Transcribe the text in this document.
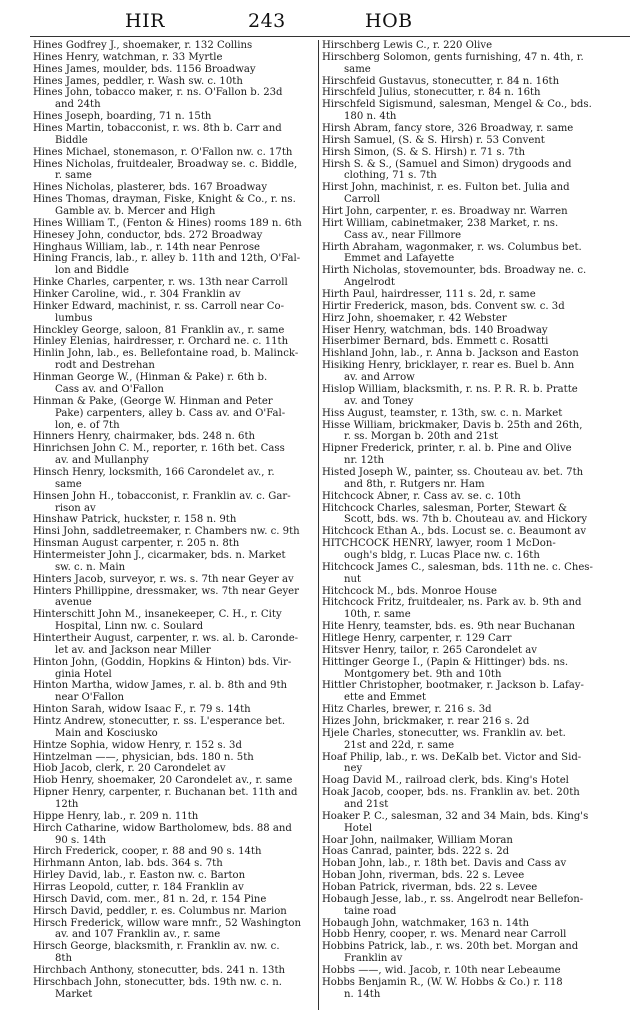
HIR	243	HOB
Hines Godfrey J., shoemaker, r. 132 Collins
Hines Henry, watchman, r. 33 Myrtle
Hines James, moulder, bds. 1156 Broadway
Hines James, peddler, r. Wash sw. c. 10th
Hines John, tobacco maker, r. ns. O'Fallon b. 23d
and 24th
Hines Joseph, boarding, 71 n. 15th
Hines Martin, tobacconist, r. ws. 8th b. Carr and
Biddle
Hines Michael, stonemason, r. O'Fallon nw. c. 17th
Hines Nicholas, fruitdealer, Broadway se. c. Biddle,
r. same
Hines Nicholas, plasterer, bds. 167 Broadway
Hines Thomas, drayman, Fiske, Knight & Co., r. ns.
Gamble av. b. Mercer and High
Hines William T., (Fenton & Hines) rooms 189 n. 6th
Hinesey John, conductor, bds. 272 Broadway
Hinghaus William, lab., r. 14th near Penrose
Hining Francis, lab., r. alley b. 11th and 12th, O'Fal-
lon and Biddle
Hinke Charles, carpenter, r. ws. 13th near Carroll
Hinker Caroline, wid., r. 304 Franklin av
Hinker Edward, machinist, r. ss. Carroll near Co-
lumbus
Hinckley George, saloon, 81 Franklin av., r. same
Hinley Elenias, hairdresser, r. Orchard ne. c. 11th
Hinlin John, lab., es. Bellefontaine road, b. Malinck-
rodt and Destrehan
Hinman George W., (Hinman & Pake) r. 6th b.
Cass av. and O'Fallon
Hinman & Pake, (George W. Hinman and Peter
Pake) carpenters, alley b. Cass av. and O'Fal-
lon, e. of 7th
Hinners Henry, chairmaker, bds. 248 n. 6th
Hinrichsen John C. M., reporter, r. 16th bet. Cass
av. and Mullanphy
Hinsch Henry, locksmith, 166 Carondelet av., r.
same
Hinsen John H., tobacconist, r. Franklin av. c. Gar-
rison av
Hinshaw Patrick, huckster, r. 158 n. 9th
Hinsi John, saddletreemaker, r. Chambers nw. c. 9th
Hinsman August carpenter, r. 205 n. 8th
Hintermeister John J., cicarmaker, bds. n. Market
sw. c. n. Main
Hinters Jacob, surveyor, r. ws. s. 7th near Geyer av
Hinters Phillippine, dressmaker, ws. 7th near Geyer
avenue
Hinterschitt John M., insanekeeper, C. H., r. City
Hospital, Linn nw. c. Soulard
Hintertheir August, carpenter, r. ws. al. b. Caronde-
let av. and Jackson near Miller
Hinton John, (Goddin, Hopkins & Hinton) bds. Vir-
ginia Hotel
Hinton Martha, widow James, r. al. b. 8th and 9th
near O'Fallon
Hinton Sarah, widow Isaac F., r. 79 s. 14th
Hintz Andrew, stonecutter, r. ss. L'esperance bet.
Main and Kosciusko
Hintze Sophia, widow Henry, r. 152 s. 3d
Hintzelman ——, physician, bds. 180 n. 5th
Hiob Jacob, clerk, r. 20 Carondelet av
Hiob Henry, shoemaker, 20 Carondelet av., r. same
Hipner Henry, carpenter, r. Buchanan bet. 11th and
12th
Hippe Henry, lab., r. 209 n. 11th
Hirch Catharine, widow Bartholomew, bds. 88 and
90 s. 14th
Hirch Frederick, cooper, r. 88 and 90 s. 14th
Hirhmann Anton, lab. bds. 364 s. 7th
Hirley David, lab., r. Easton nw. c. Barton
Hirras Leopold, cutter, r. 184 Franklin av
Hirsch David, com. mer., 81 n. 2d, r. 154 Pine
Hirsch David, peddler, r. es. Columbus nr. Marion
Hirsch Frederick, willow ware mnfr., 52 Washington
av. and 107 Franklin av., r. same
Hirsch George, blacksmith, r. Franklin av. nw. c.
8th
Hirchbach Anthony, stonecutter, bds. 241 n. 13th
Hirschbach John, stonecutter, bds. 19th nw. c. n.
Market
Hirschberg Lewis C., r. 220 Olive
Hirschberg Solomon, gents furnishing, 47 n. 4th, r.
same
Hirschfeid Gustavus, stonecutter, r. 84 n. 16th
Hirschfeld Julius, stonecutter, r. 84 n. 16th
Hirschfeld Sigismund, salesman, Mengel & Co., bds.
180 n. 4th
Hirsh Abram, fancy store, 326 Broadway, r. same
Hirsh Samuel, (S. & S. Hirsh) r. 53 Convent
Hirsh Simon, (S. & S. Hirsh) r. 71 s. 7th
Hirsh S. & S., (Samuel and Simon) drygoods and
clothing, 71 s. 7th
Hirst John, machinist, r. es. Fulton bet. Julia and
Carroll
Hirt John, carpenter, r. es. Broadway nr. Warren
Hirt William, cabinetmaker, 238 Market, r. ns.
Cass av., near Fillmore
Hirth Abraham, wagonmaker, r. ws. Columbus bet.
Emmet and Lafayette
Hirth Nicholas, stovemounter, bds. Broadway ne. c.
Angelrodt
Hirth Paul, hairdresser, 111 s. 2d, r. same
Hirtir Frederick, mason, bds. Convent sw. c. 3d
Hirz John, shoemaker, r. 42 Webster
Hiser Henry, watchman, bds. 140 Broadway
Hiserbimer Bernard, bds. Emmett c. Rosatti
Hishland John, lab., r. Anna b. Jackson and Easton
Hisiking Henry, bricklayer, r. rear es. Buel b. Ann
av. and Arrow
Hislop William, blacksmith, r. ns. P. R. R. b. Pratte
av. and Toney
Hiss August, teamster, r. 13th, sw. c. n. Market
Hisse William, brickmaker, Davis b. 25th and 26th,
r. ss. Morgan b. 20th and 21st
Hipner Frederick, printer, r. al. b. Pine and Olive
nr. 12th
Histed Joseph W., painter, ss. Chouteau av. bet. 7th
and 8th, r. Rutgers nr. Ham
Hitchcock Abner, r. Cass av. se. c. 10th
Hitchcock Charles, salesman, Porter, Stewart &
Scott, bds. ws. 7th b. Chouteau av. and Hickory
Hitchcock Ethan A., bds. Locust se. c. Beaumont av
HITCHCOCK HENRY, lawyer, room 1 McDon-
ough's bldg, r. Lucas Place nw. c. 16th
Hitchcock James C., salesman, bds. 11th ne. c. Ches-
nut
Hitchcock M., bds. Monroe House
Hitchcock Fritz, fruitdealer, ns. Park av. b. 9th and
10th, r. same
Hite Henry, teamster, bds. es. 9th near Buchanan
Hitlege Henry, carpenter, r. 129 Carr
Hitsver Henry, tailor, r. 265 Carondelet av
Hittinger George I., (Papin & Hittinger) bds. ns.
Montgomery bet. 9th and 10th
Hittler Christopher, bootmaker, r. Jackson b. Lafay-
ette and Emmet
Hitz Charles, brewer, r. 216 s. 3d
Hizes John, brickmaker, r. rear 216 s. 2d
Hjele Charles, stonecutter, ws. Franklin av. bet.
21st and 22d, r. same
Hoaf Philip, lab., r. ws. DeKalb bet. Victor and Sid-
ney
Hoag David M., railroad clerk, bds. King's Hotel
Hoak Jacob, cooper, bds. ns. Franklin av. bet. 20th
and 21st
Hoaker P. C., salesman, 32 and 34 Main, bds. King's
Hotel
Hoar John, nailmaker, William Moran
Hoas Canrad, painter, bds. 222 s. 2d
Hoban John, lab., r. 18th bet. Davis and Cass av
Hoban John, riverman, bds. 22 s. Levee
Hoban Patrick, riverman, bds. 22 s. Levee
Hobaugh Jesse, lab., r. ss. Angelrodt near Bellefon-
taine road
Hobaugh John, watchmaker, 163 n. 14th
Hobb Henry, cooper, r. ws. Menard near Carroll
Hobbins Patrick, lab., r. ws. 20th bet. Morgan and
Franklin av
Hobbs ——, wid. Jacob, r. 10th near Lebeaume
Hobbs Benjamin R., (W. W. Hobbs & Co.) r. 118
n. 14th
